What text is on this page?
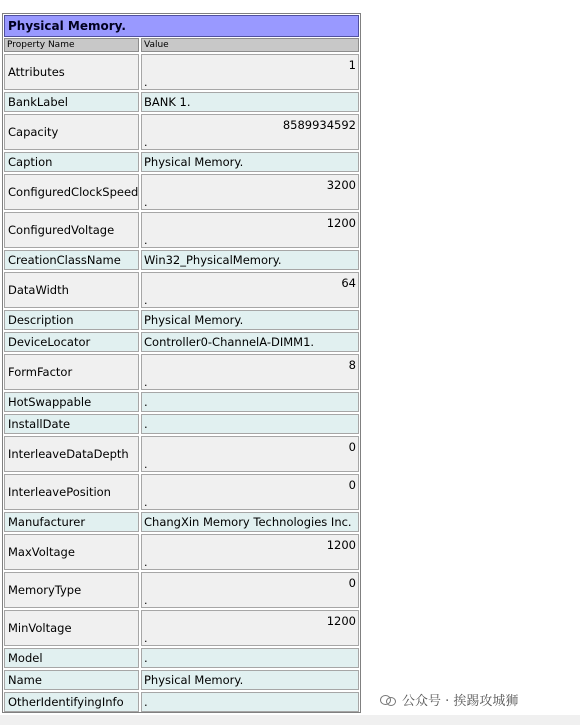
Physical Memory.
Property Name	Value
Attributes	1
.
BankLabel	BANK 1.
Capacity	8589934592
.
Caption	Physical Memory.
ConfiguredClockSpeed	3200
.
ConfiguredVoltage	1200
.
CreationClassName	Win32_PhysicalMemory.
DataWidth	64
.
Description	Physical Memory.
DeviceLocator	Controller0-ChannelA-DIMM1.
FormFactor	8
.
HotSwappable	.
InstallDate	.
InterleaveDataDepth	0
.
InterleavePosition	0
.
Manufacturer	ChangXin Memory Technologies Inc.
MaxVoltage	1200
.
MemoryType	0
.
MinVoltage	1200
.
Model	.
Name	Physical Memory.
OtherIdentifyingInfo	.	公众号 · 挨踢攻城狮
